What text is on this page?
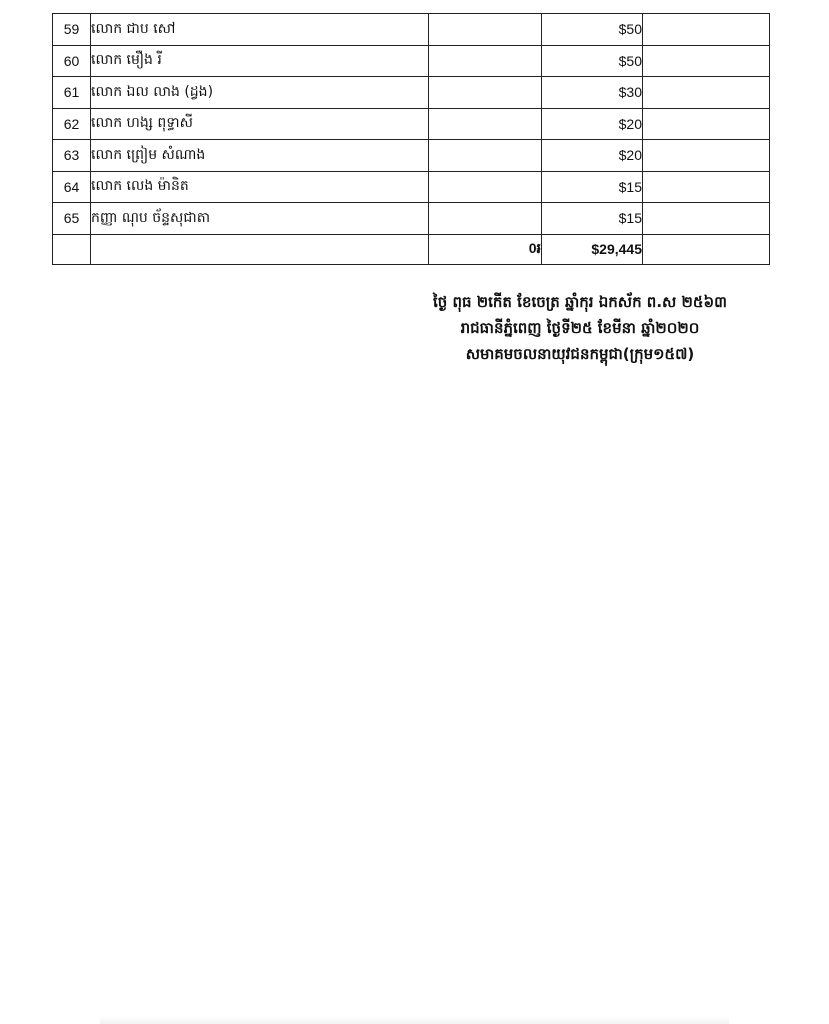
59	លោក ជាប សៅ		$50	
60	លោក មឿង រី		$50	
61	លោក ឯល លាង (ដ្វង)		$30	
62	លោក ហង្ស ពុទ្ធាសី		$20	
63	លោក ព្រៀម សំណាង		$20	
64	លោក លេង ម៉ានិត		$15	
65	កញ្ញា ណុប ច័ន្ទសុជាតា		$15	
		0៛	$29,445	
ថ្ងៃ ពុធ ២កើត ខែចេត្រ ឆ្នាំកុរ ឯកស័ក ព.ស ២៥៦៣
រាជធានីភ្នំពេញ ថ្ងៃទី២៥ ខែមីនា ឆ្នាំ២០២០
សមាគមចលនាយុវជនកម្ពុជា(ក្រុម១៥៧)
